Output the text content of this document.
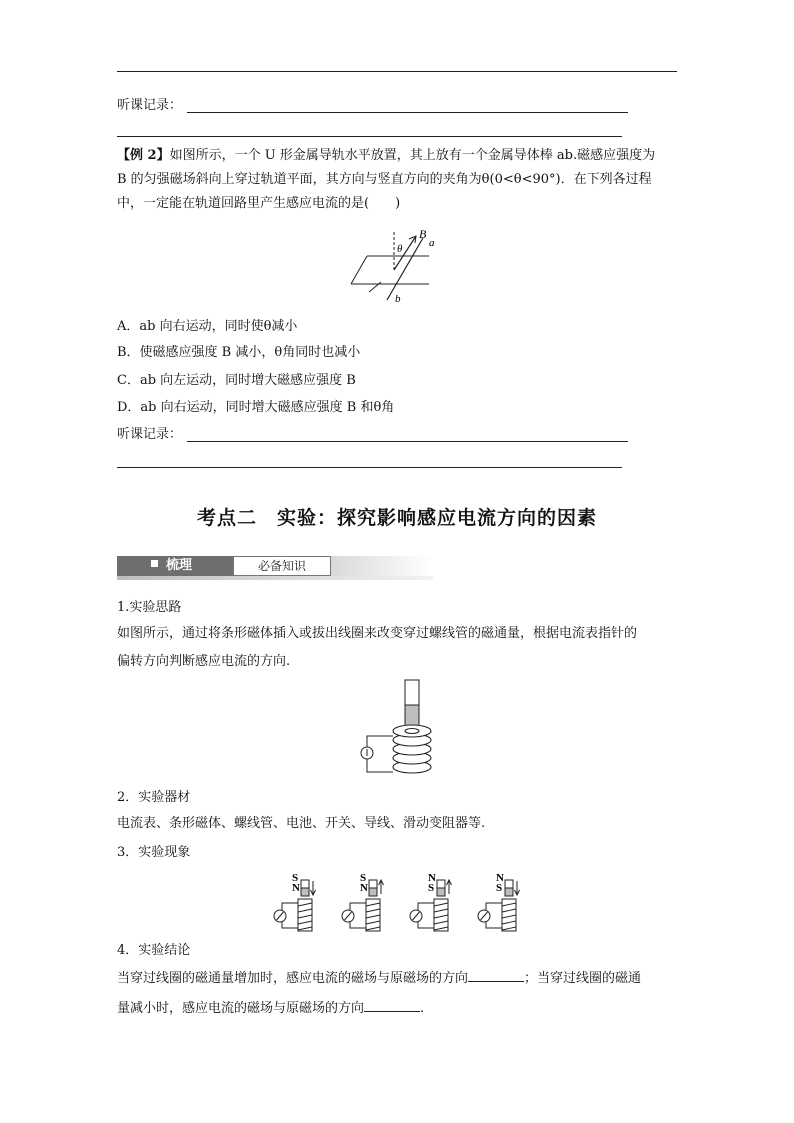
听课记录：
【例 2】如图所示，一个 U 形金属导轨水平放置，其上放有一个金属导体棒 ab.磁感应强度为
B 的匀强磁场斜向上穿过轨道平面，其方向与竖直方向的夹角为θ(0<θ<90°)．在下列各过程
中，一定能在轨道回路里产生感应电流的是(　　)
θ
B
a
b
A．ab 向右运动，同时使θ减小
B．使磁感应强度 B 减小，θ角同时也减小
C．ab 向左运动，同时增大磁感应强度 B
D．ab 向右运动，同时增大磁感应强度 B 和θ角
听课记录：
考点二　实验：探究影响感应电流方向的因素
梳理	必备知识
1.实验思路
如图所示，通过将条形磁体插入或拔出线圈来改变穿过螺线管的磁通量，根据电流表指针的
偏转方向判断感应电流的方向.
2．实验器材
电流表、条形磁体、螺线管、电池、开关、导线、滑动变阻器等.
3．实验现象
S
N
S
N
N
S
N
S
4．实验结论
当穿过线圈的磁通量增加时，感应电流的磁场与原磁场的方向	；当穿过线圈的磁通
量减小时，感应电流的磁场与原磁场的方向	.
